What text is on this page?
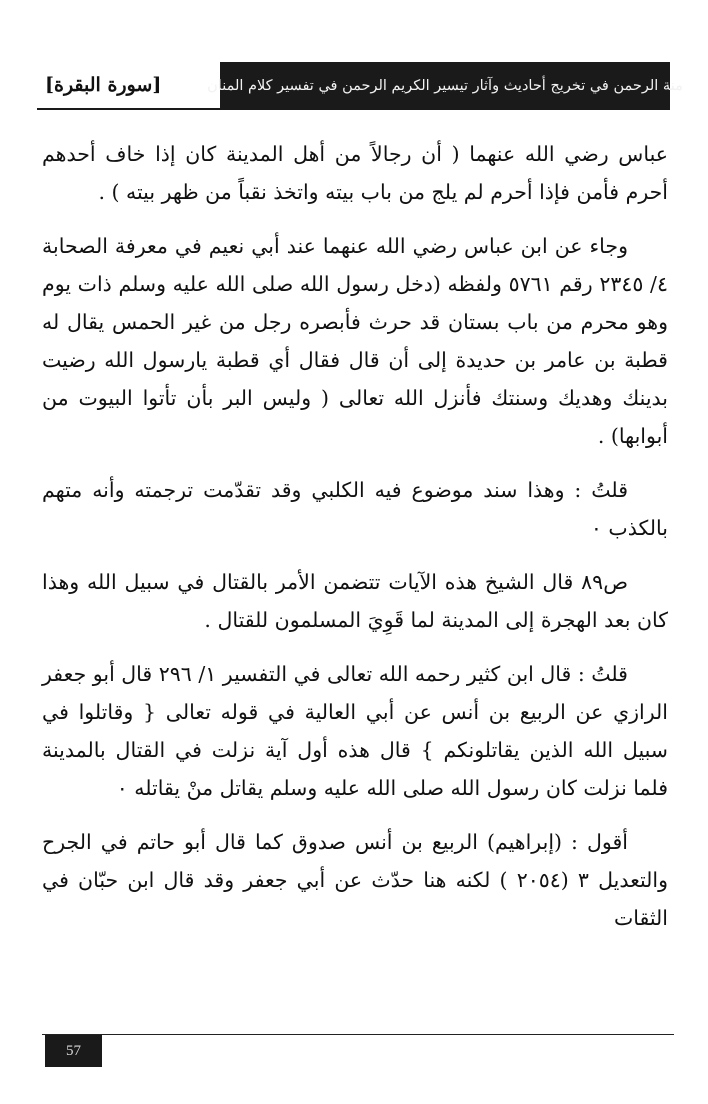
منة الرحمن في تخريج أحاديث وآثار تيسير الكريم الرحمن في تفسير كلام المنان
[سورة البقرة]

عباس رضي الله عنهما ( أن رجالاً من أهل المدينة كان إذا خاف أحدهم أحرم فأمن فإذا أحرم لم يلج من باب بيته واتخذ نقباً من ظهر بيته ) .

وجاء عن ابن عباس رضي الله عنهما عند أبي نعيم في معرفة الصحابة ٤/ ٢٣٤٥ رقم ٥٧٦١ ولفظه (دخل رسول الله صلى الله عليه وسلم ذات يوم وهو محرم من باب بستان قد حرث فأبصره رجل من غير الحمس يقال له قطبة بن عامر بن حديدة إلى أن قال فقال أي قطبة يارسول الله رضيت بدينك وهديك وسنتك فأنزل الله تعالى ( وليس البر بأن تأتوا البيوت من أبوابها) .

قلتُ : وهذا سند موضوع فيه الكلبي وقد تقدّمت ترجمته وأنه متهم بالكذب ٠

ص٨٩ قال الشيخ هذه الآيات تتضمن الأمر بالقتال في سبيل الله وهذا كان بعد الهجرة إلى المدينة لما قَوِيَ المسلمون للقتال .

قلتُ : قال ابن كثير رحمه الله تعالى في التفسير ١/ ٢٩٦ قال أبو جعفر الرازي عن الربيع بن أنس عن أبي العالية في قوله تعالى { وقاتلوا في سبيل الله الذين يقاتلونكم } قال هذه أول آية نزلت في القتال بالمدينة فلما نزلت كان رسول الله صلى الله عليه وسلم يقاتل منْ يقاتله ٠

أقول : (إبراهيم) الربيع بن أنس صدوق كما قال أبو حاتم في الجرح والتعديل ٣ (٢٠٥٤ ) لكنه هنا حدّث عن أبي جعفر وقد قال ابن حبّان في الثقات

57
